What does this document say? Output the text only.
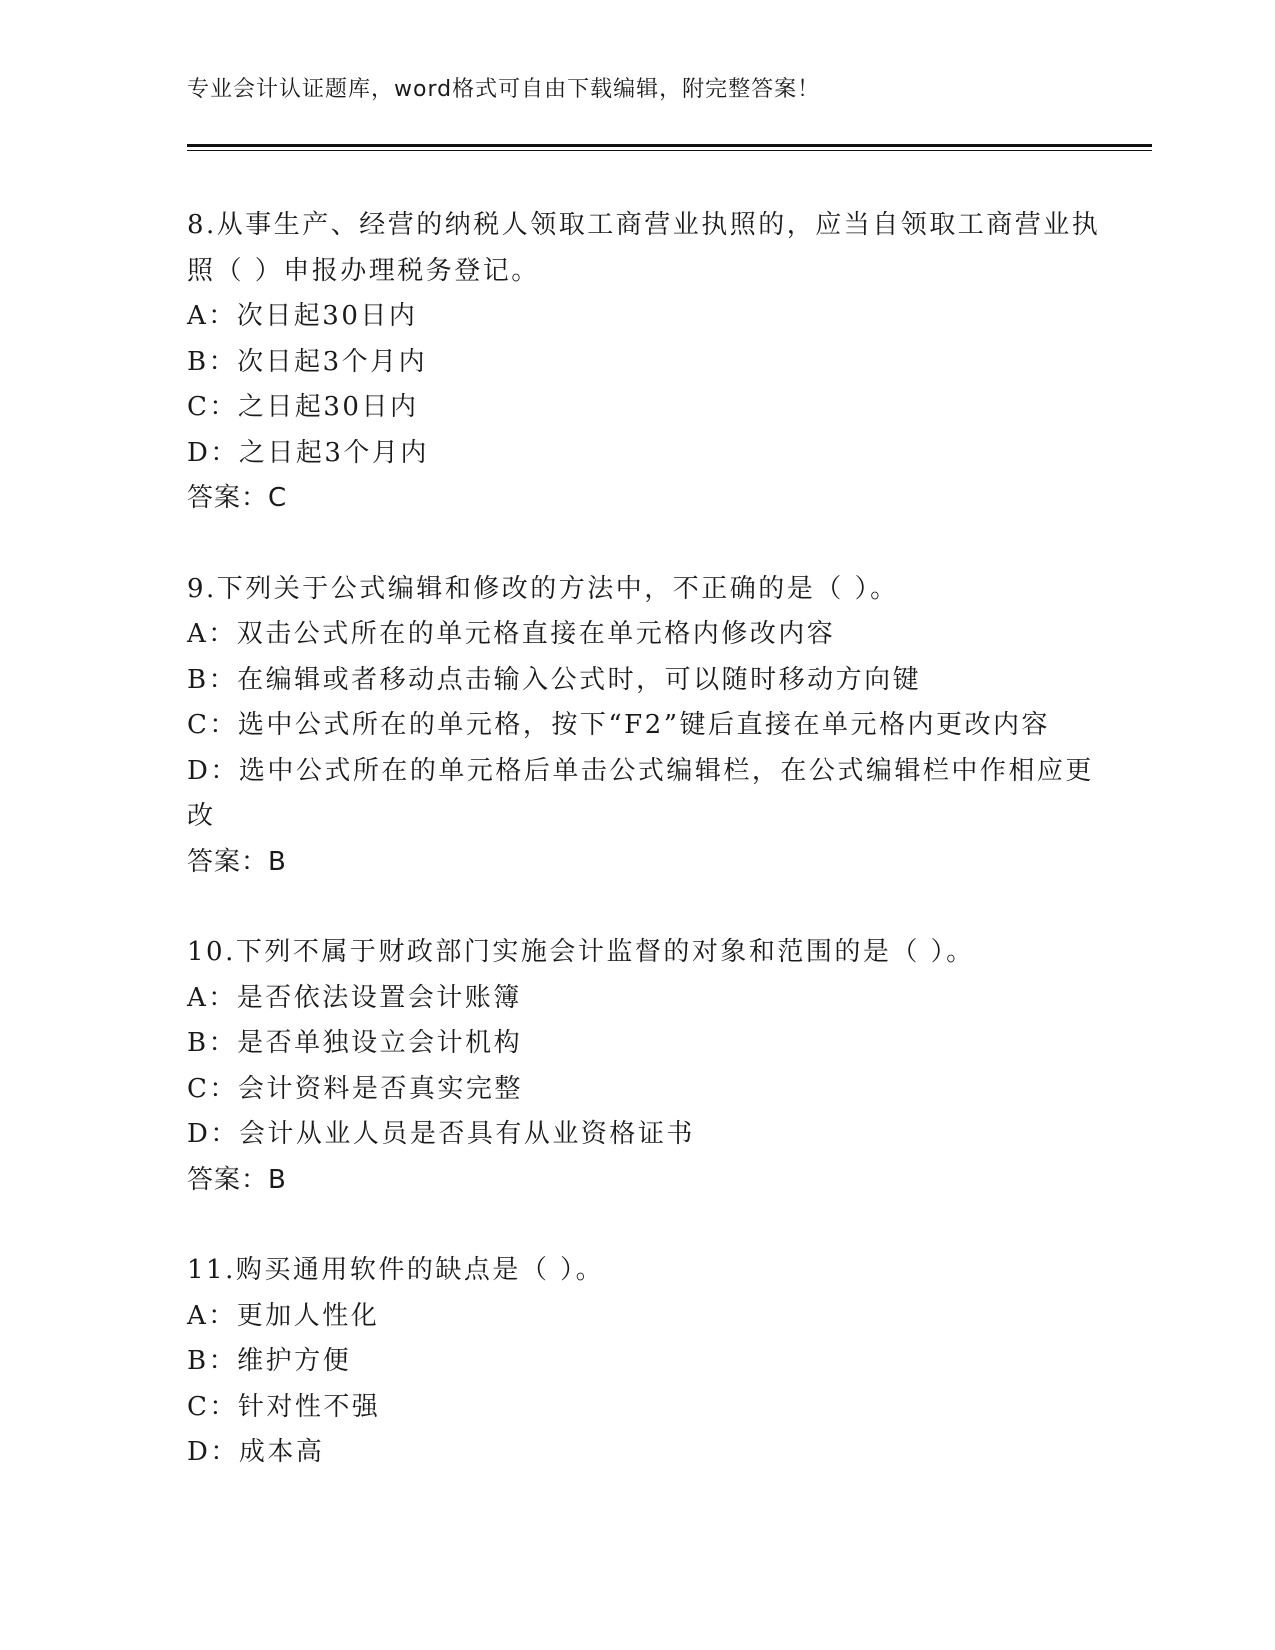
专业会计认证题库，word格式可自由下载编辑，附完整答案！

8.从事生产、经营的纳税人领取工商营业执照的，应当自领取工商营业执照（ ）申报办理税务登记。

A：次日起30日内

B：次日起3个月内

C：之日起30日内

D：之日起3个月内

答案：C

9.下列关于公式编辑和修改的方法中，不正确的是（ ）。

A：双击公式所在的单元格直接在单元格内修改内容

B：在编辑或者移动点击输入公式时，可以随时移动方向键

C：选中公式所在的单元格，按下“F2”键后直接在单元格内更改内容

D：选中公式所在的单元格后单击公式编辑栏，在公式编辑栏中作相应更改

答案：B

10.下列不属于财政部门实施会计监督的对象和范围的是（ ）。

A：是否依法设置会计账簿

B：是否单独设立会计机构

C：会计资料是否真实完整

D：会计从业人员是否具有从业资格证书

答案：B

11.购买通用软件的缺点是（ ）。

A：更加人性化

B：维护方便

C：针对性不强

D：成本高
